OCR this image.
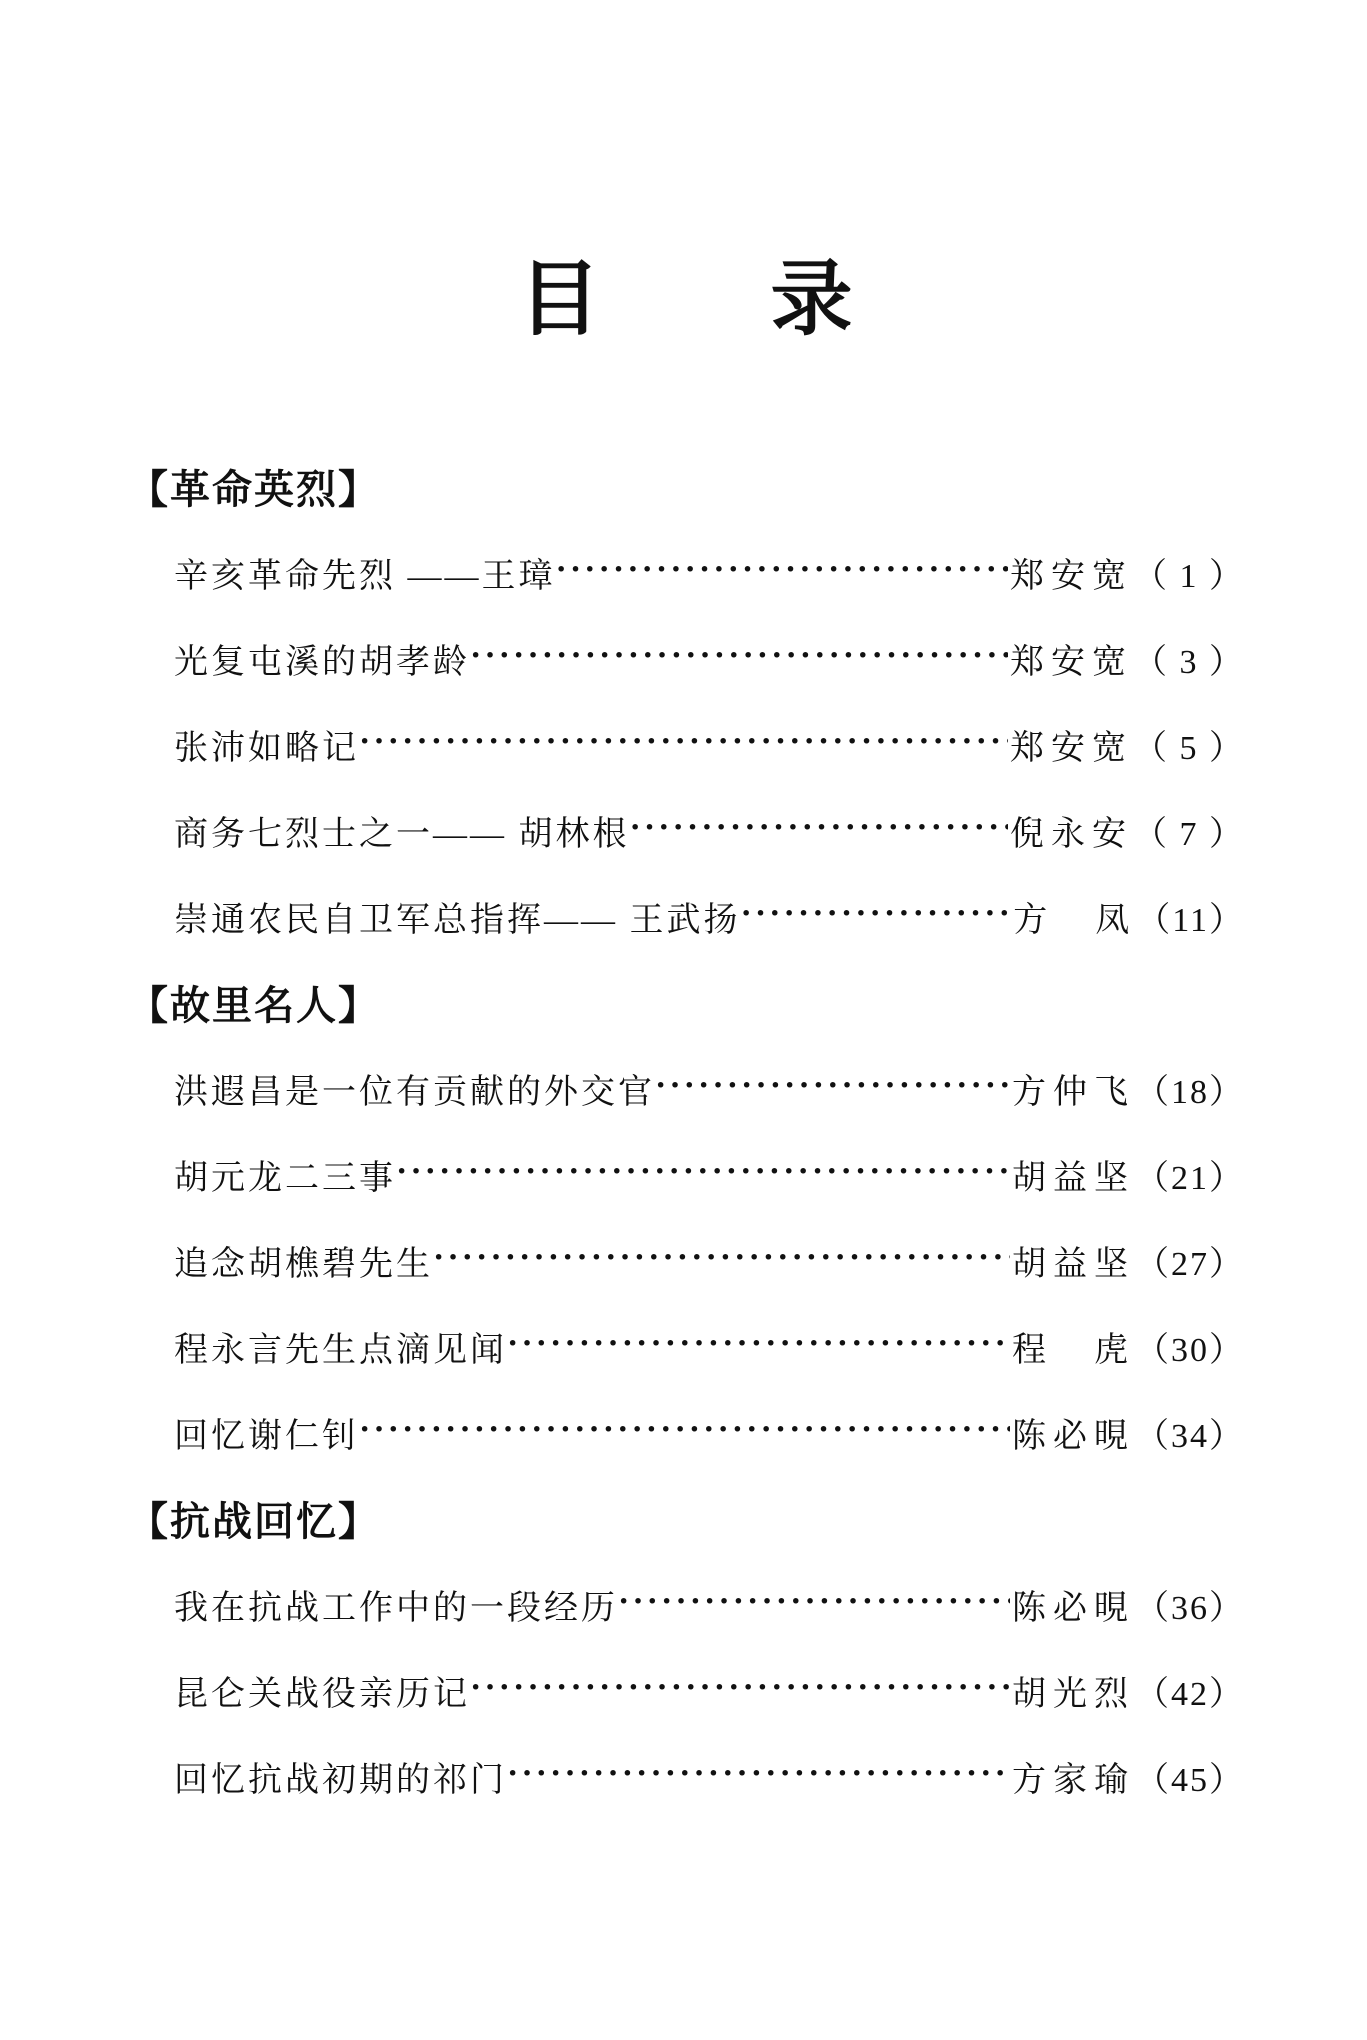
目　　录
【革命英烈】
辛亥革命先烈 ——王璋 ·····	郑安宽 （ 1 ）
光复屯溪的胡孝龄 ·····	郑安宽 （ 3 ）
张沛如略记 ·····	郑安宽 （ 5 ）
商务七烈士之一—— 胡林根 ·····	倪永安 （ 7 ）
崇通农民自卫军总指挥—— 王武扬 ·····	方　凤 （11）
【故里名人】
洪遐昌是一位有贡献的外交官 ·····	方仲飞 （18）
胡元龙二三事 ·····	胡益坚 （21）
追念胡樵碧先生 ·····	胡益坚 （27）
程永言先生点滴见闻 ·····	程　虎 （30）
回忆谢仁钊 ·····	陈必晛 （34）
【抗战回忆】
我在抗战工作中的一段经历 ·····	陈必晛 （36）
昆仑关战役亲历记 ·····	胡光烈 （42）
回忆抗战初期的祁门 ·····	方家瑜 （45）
